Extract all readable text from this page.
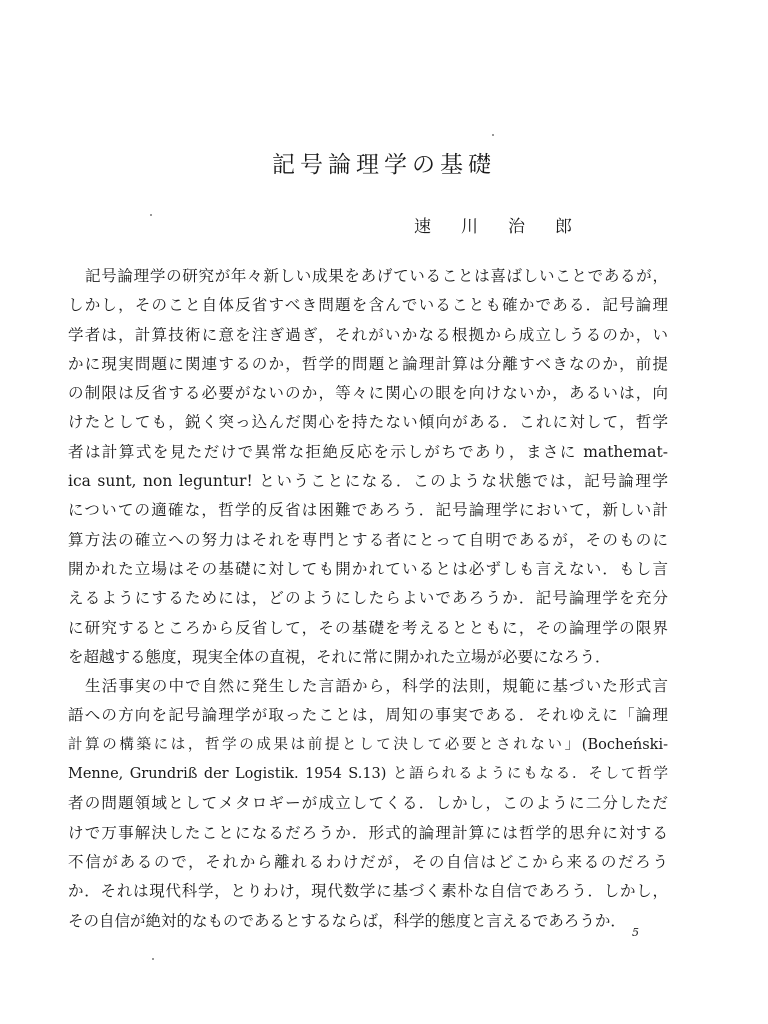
記号論理学の基礎
速川治郎
記号論理学の研究が年々新しい成果をあげていることは喜ばしいことであるが，
しかし，そのこと自体反省すべき問題を含んでいることも確かである．記号論理
学者は，計算技術に意を注ぎ過ぎ，それがいかなる根拠から成立しうるのか，い
かに現実問題に関連するのか，哲学的問題と論理計算は分離すべきなのか，前提
の制限は反省する必要がないのか，等々に関心の眼を向けないか，あるいは，向
けたとしても，鋭く突っ込んだ関心を持たない傾向がある．これに対して，哲学
者は計算式を見ただけで異常な拒絶反応を示しがちであり，まさに mathemat-
ica sunt, non leguntur! ということになる．このような状態では，記号論理学
についての適確な，哲学的反省は困難であろう．記号論理学において，新しい計
算方法の確立への努力はそれを専門とする者にとって自明であるが，そのものに
開かれた立場はその基礎に対しても開かれているとは必ずしも言えない．もし言
えるようにするためには，どのようにしたらよいであろうか．記号論理学を充分
に研究するところから反省して，その基礎を考えるとともに，その論理学の限界
を超越する態度，現実全体の直視，それに常に開かれた立場が必要になろう．
生活事実の中で自然に発生した言語から，科学的法則，規範に基づいた形式言
語への方向を記号論理学が取ったことは，周知の事実である．それゆえに「論理
計算の構築には，哲学の成果は前提として決して必要とされない」(Bocheński-
Menne, Grundriß der Logistik. 1954 S.13) と語られるようにもなる．そして哲学
者の問題領域としてメタロギーが成立してくる．しかし，このように二分しただ
けで万事解決したことになるだろうか．形式的論理計算には哲学的思弁に対する
不信があるので，それから離れるわけだが，その自信はどこから来るのだろう
か．それは現代科学，とりわけ，現代数学に基づく素朴な自信であろう．しかし，
その自信が絶対的なものであるとするならば，科学的態度と言えるであろうか．
5
